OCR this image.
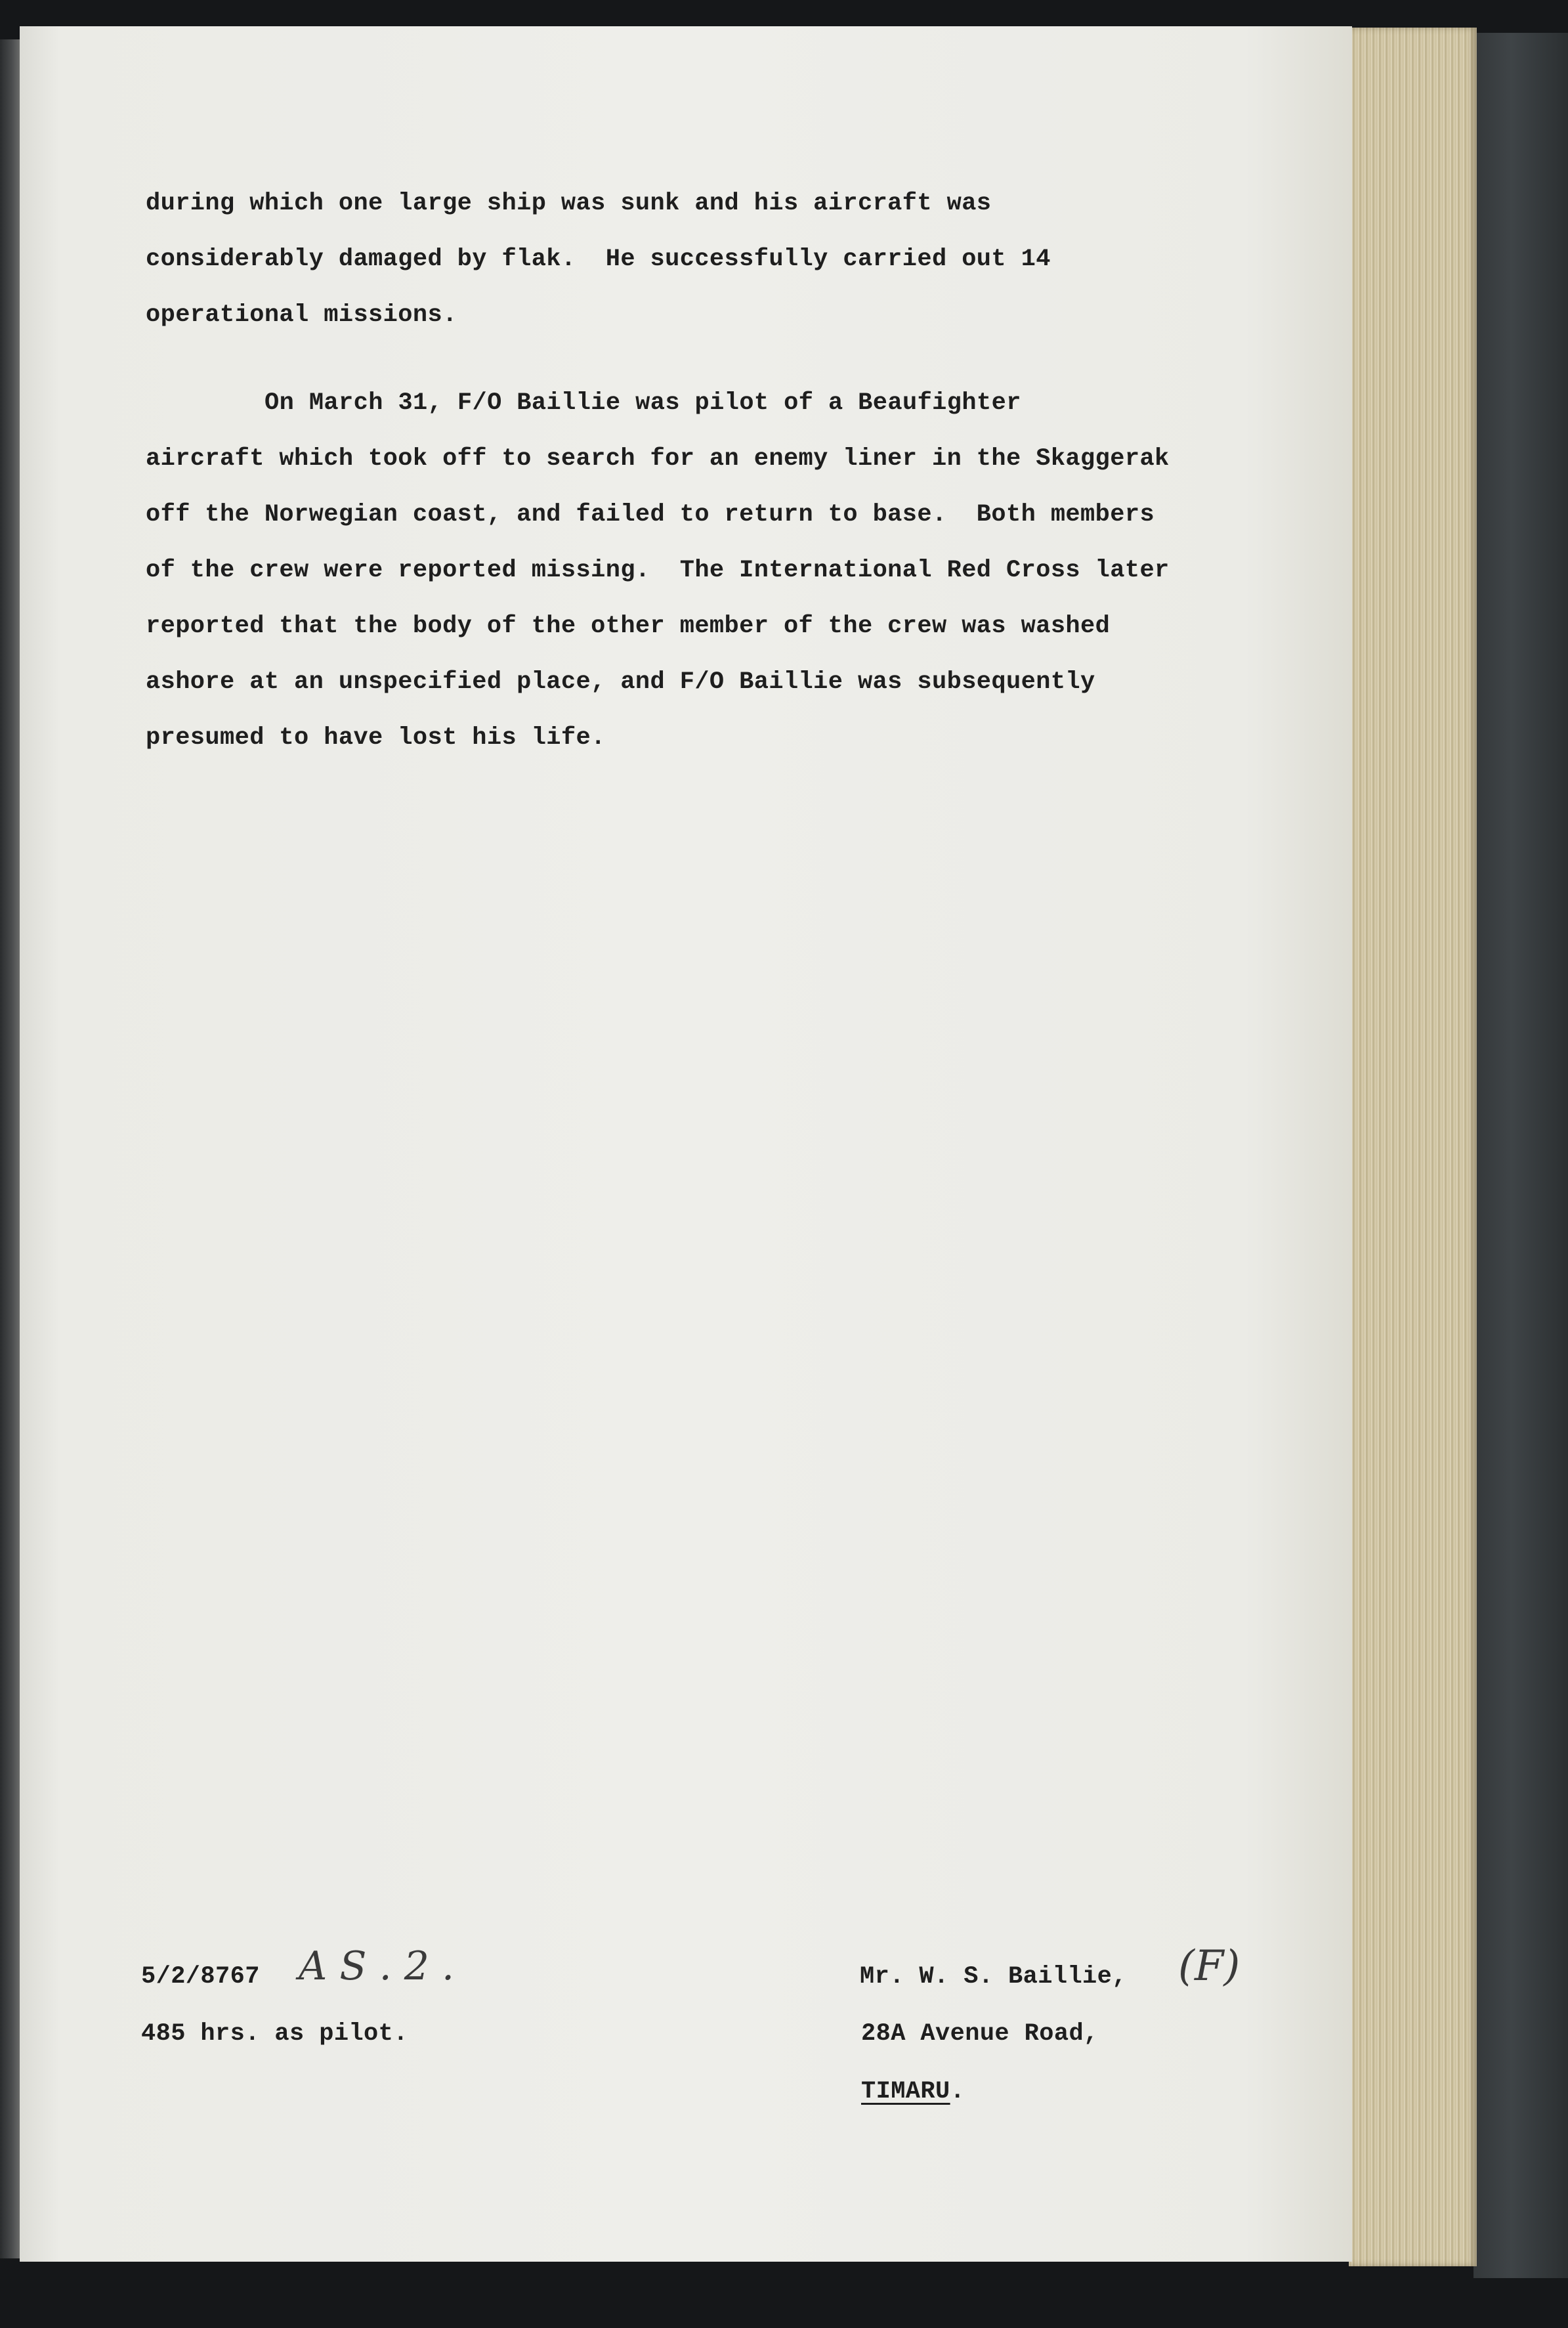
during which one large ship was sunk and his aircraft was
considerably damaged by flak.  He successfully carried out 14
operational missions.
On March 31, F/O Baillie was pilot of a Beaufighter
aircraft which took off to search for an enemy liner in the Skaggerak
off the Norwegian coast, and failed to return to base.  Both members
of the crew were reported missing.  The International Red Cross later
reported that the body of the other member of the crew was washed
ashore at an unspecified place, and F/O Baillie was subsequently
presumed to have lost his life.
5/2/8767 A S . 2 .
485 hrs. as pilot.
Mr. W. S. Baillie, (F)
28A Avenue Road,
TIMARU.
